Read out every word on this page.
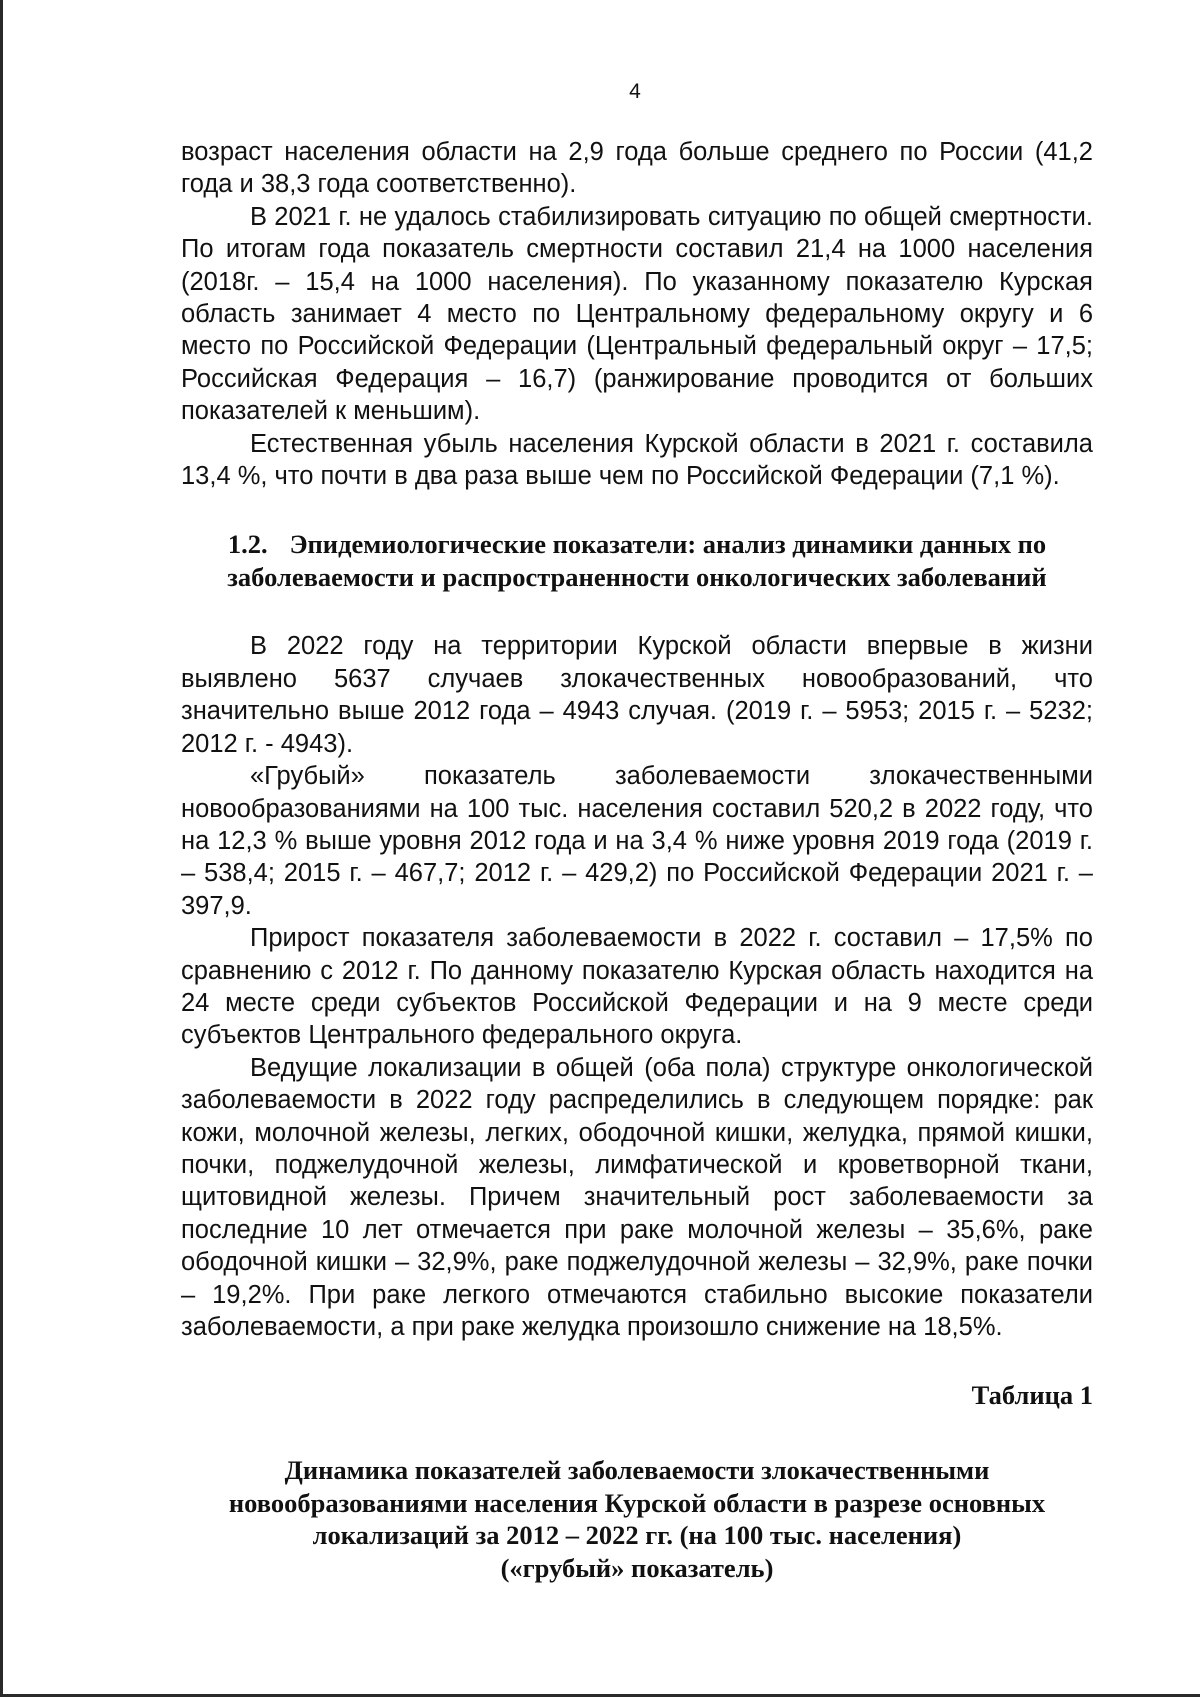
4

возраст населения области на 2,9 года больше среднего по России (41,2 года и 38,3 года соответственно).

В 2021 г. не удалось стабилизировать ситуацию по общей смертности. По итогам года показатель смертности составил 21,4 на 1000 населения (2018г. – 15,4 на 1000 населения). По указанному показателю Курская область занимает 4 место по Центральному федеральному округу и 6 место по Российской Федерации (Центральный федеральный округ – 17,5; Российская Федерация – 16,7) (ранжирование проводится от больших показателей к меньшим).

Естественная убыль населения Курской области в 2021 г. составила 13,4 %, что почти в два раза выше чем по Российской Федерации (7,1 %).

1.2. Эпидемиологические показатели: анализ динамики данных по заболеваемости и распространенности онкологических заболеваний

В 2022 году на территории Курской области впервые в жизни выявлено 5637 случаев злокачественных новообразований, что значительно выше 2012 года – 4943 случая. (2019 г. – 5953; 2015 г. – 5232; 2012 г. - 4943).

«Грубый» показатель заболеваемости злокачественными новообразованиями на 100 тыс. населения составил 520,2 в 2022 году, что на 12,3 % выше уровня 2012 года и на 3,4 % ниже уровня 2019 года (2019 г. – 538,4; 2015 г. – 467,7; 2012 г. – 429,2) по Российской Федерации 2021 г. – 397,9.

Прирост показателя заболеваемости в 2022 г. составил – 17,5% по сравнению с 2012 г. По данному показателю Курская область находится на 24 месте среди субъектов Российской Федерации и на 9 месте среди субъектов Центрального федерального округа.

Ведущие локализации в общей (оба пола) структуре онкологической заболеваемости в 2022 году распределились в следующем порядке: рак кожи, молочной железы, легких, ободочной кишки, желудка, прямой кишки, почки, поджелудочной железы, лимфатической и кроветворной ткани, щитовидной железы. Причем значительный рост заболеваемости за последние 10 лет отмечается при раке молочной железы – 35,6%, раке ободочной кишки – 32,9%, раке поджелудочной железы – 32,9%, раке почки – 19,2%. При раке легкого отмечаются стабильно высокие показатели заболеваемости, а при раке желудка произошло снижение на 18,5%.

Таблица 1
Динамика показателей заболеваемости злокачественными
новообразованиями населения Курской области в разрезе основных
локализаций за 2012 – 2022 гг. (на 100 тыс. населения)
(«грубый» показатель)
